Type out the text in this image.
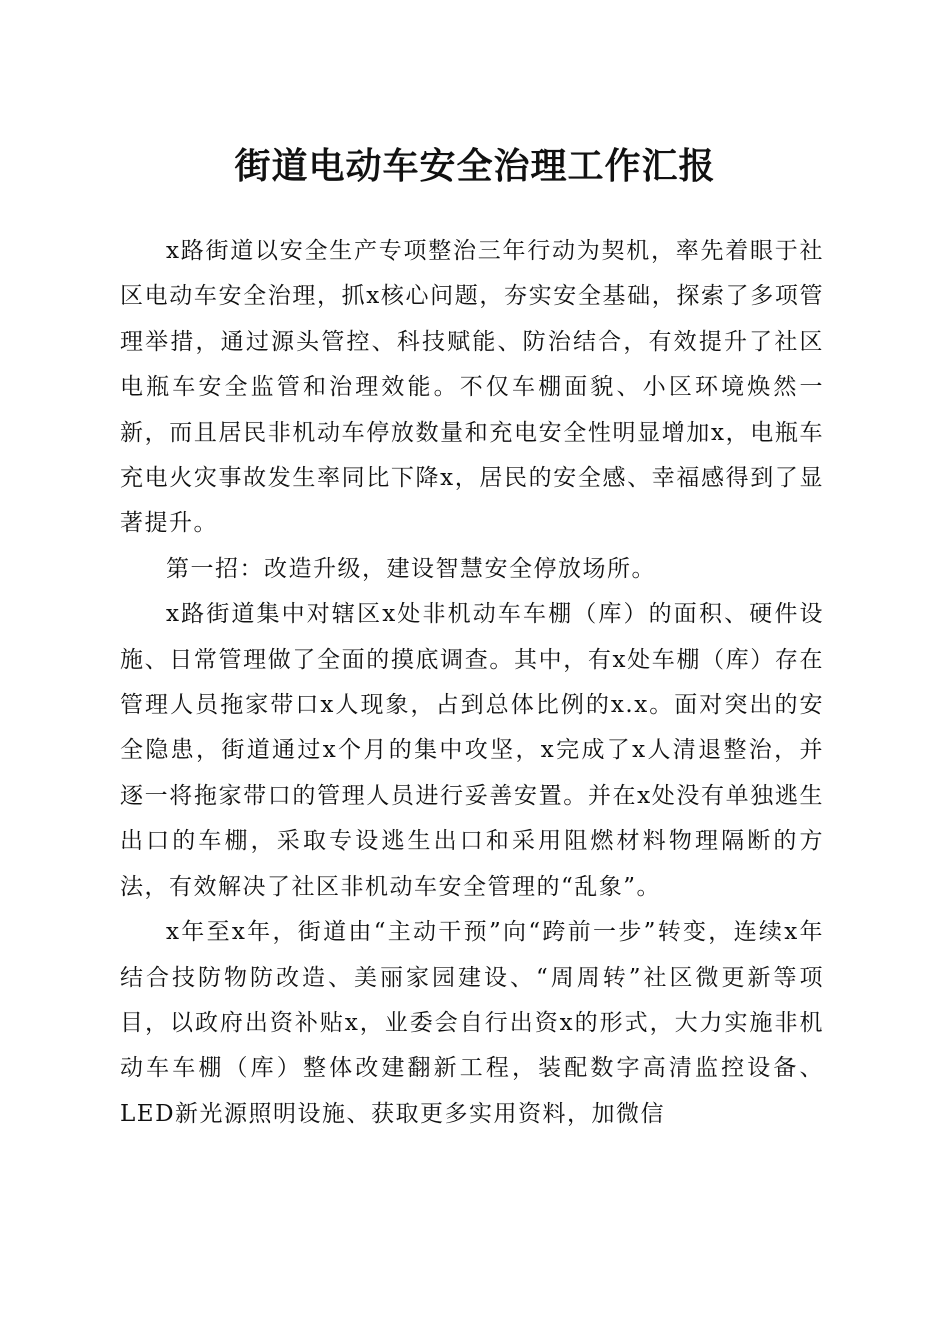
街道电动车安全治理工作汇报

x路街道以安全生产专项整治三年行动为契机，率先着眼于社区电动车安全治理，抓x核心问题，夯实安全基础，探索了多项管理举措，通过源头管控、科技赋能、防治结合，有效提升了社区电瓶车安全监管和治理效能。不仅车棚面貌、小区环境焕然一新，而且居民非机动车停放数量和充电安全性明显增加x，电瓶车充电火灾事故发生率同比下降x，居民的安全感、幸福感得到了显著提升。

第一招：改造升级，建设智慧安全停放场所。

x路街道集中对辖区x处非机动车车棚（库）的面积、硬件设施、日常管理做了全面的摸底调查。其中，有x处车棚（库）存在管理人员拖家带口x人现象，占到总体比例的x.x。面对突出的安全隐患，街道通过x个月的集中攻坚，x完成了x人清退整治，并逐一将拖家带口的管理人员进行妥善安置。并在x处没有单独逃生出口的车棚，采取专设逃生出口和采用阻燃材料物理隔断的方法，有效解决了社区非机动车安全管理的“乱象”。

x年至x年，街道由“主动干预”向“跨前一步”转变，连续x年结合技防物防改造、美丽家园建设、“周周转”社区微更新等项目，以政府出资补贴x，业委会自行出资x的形式，大力实施非机动车车棚（库）整体改建翻新工程，装配数字高清监控设备、LED新光源照明设施、获取更多实用资料，加微信
